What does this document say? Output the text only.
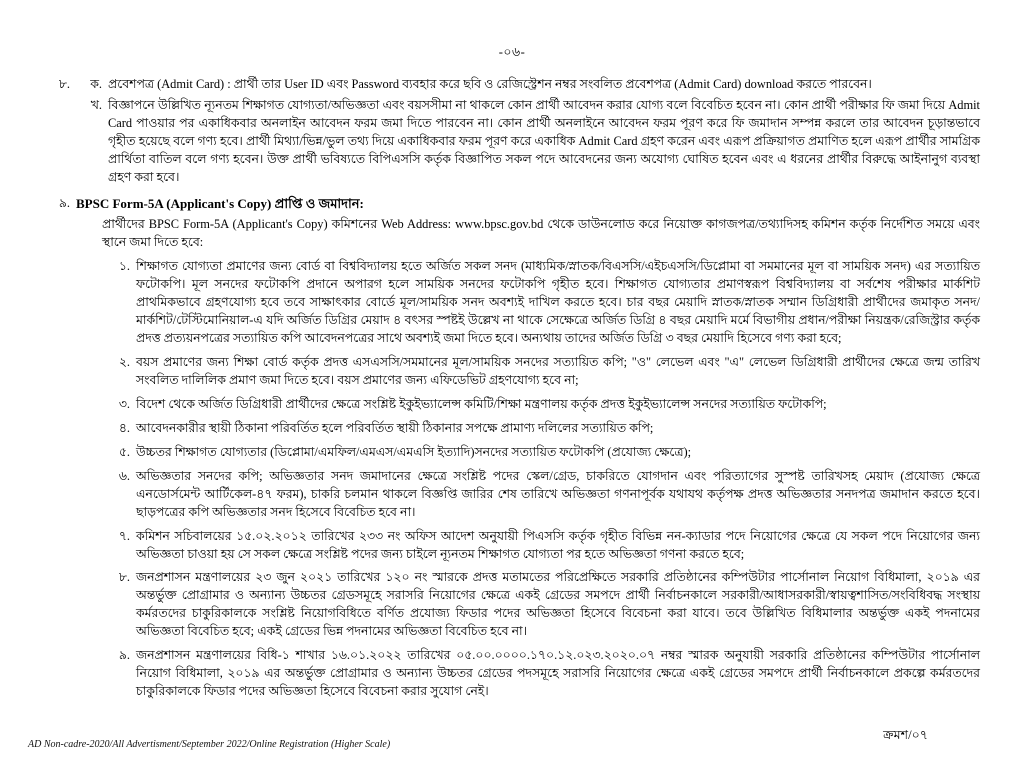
-০৬-
৮.	ক. প্রবেশপত্র (Admit Card) : প্রার্থী তার User ID এবং Password ব্যবহার করে ছবি ও রেজিস্ট্রেশন নম্বর সংবলিত প্রবেশপত্র (Admit Card) download করতে পারবেন।
খ. বিজ্ঞাপনে উল্লিখিত ন্যূনতম শিক্ষাগত যোগ্যতা/অভিজ্ঞতা এবং বয়সসীমা না থাকলে কোন প্রার্থী আবেদন করার যোগ্য বলে বিবেচিত হবেন না। কোন প্রার্থী পরীক্ষার ফি জমা দিয়ে Admit Card পাওয়ার পর একাধিকবার অনলাইন আবেদন ফরম জমা দিতে পারবেন না। কোন প্রার্থী অনলাইনে আবেদন ফরম পূরণ করে ফি জমাদান সম্পন্ন করলে তার আবেদন চূড়ান্তভাবে গৃহীত হয়েছে বলে গণ্য হবে। প্রার্থী মিথ্যা/ভিন্ন/ভুল তথ্য দিয়ে একাধিকবার ফরম পূরণ করে একাধিক Admit Card গ্রহণ করেন এবং এরূপ প্রক্রিয়াগত প্রমাণিত হলে এরূপ প্রার্থীর সামগ্রিক প্রার্থিতা বাতিল বলে গণ্য হবেন। উক্ত প্রার্থী ভবিষ্যতে বিপিএসসি কর্তৃক বিজ্ঞাপিত সকল পদে আবেদনের জন্য অযোগ্য ঘোষিত হবেন এবং এ ধরনের প্রার্থীর বিরুদ্ধে আইনানুগ ব্যবস্থা গ্রহণ করা হবে।
৯. BPSC Form-5A (Applicant's Copy) প্রাপ্তি ও জমাদান:
প্রার্থীদের BPSC Form-5A (Applicant's Copy) কমিশনের Web Address: www.bpsc.gov.bd থেকে ডাউনলোড করে নিয়োক্ত কাগজপত্র/তথ্যাদিসহ কমিশন কর্তৃক নির্দেশিত সময়ে এবং স্থানে জমা দিতে হবে:
১. শিক্ষাগত যোগ্যতা প্রমাণের জন্য বোর্ড বা বিশ্ববিদ্যালয় হতে অর্জিত সকল সনদ (মাধ্যমিক/স্নাতক/বিএসসি/এইচএসসি/ডিপ্লোমা বা সমমানের মূল বা সাময়িক সনদ) এর সত্যায়িত ফটোকপি। মূল সনদের ফটোকপি প্রদানে অপারগ হলে সাময়িক সনদের ফটোকপি গৃহীত হবে। শিক্ষাগত যোগ্যতার প্রমাণস্বরূপ বিশ্ববিদ্যালয় বা সর্বশেষ পরীক্ষার মার্কশিট প্রাথমিকভাবে গ্রহণযোগ্য হবে তবে সাক্ষাৎকার বোর্ডে মূল/সাময়িক সনদ অবশ্যই দাখিল করতে হবে। চার বছর মেয়াদি স্নাতক/স্নাতক সম্মান ডিগ্রিধারী প্রার্থীদের জমাকৃত সনদ/মার্কশিট/টেস্টিমোনিয়াল-এ যদি অর্জিত ডিগ্রির মেয়াদ ৪ বৎসর স্পষ্টই উল্লেখ না থাকে সেক্ষেত্রে অর্জিত ডিগ্রি ৪ বছর মেয়াদি মর্মে বিভাগীয় প্রধান/পরীক্ষা নিয়ন্ত্রক/রেজিস্ট্রার কর্তৃক প্রদত্ত প্রত্যয়নপত্রের সত্যায়িত কপি আবেদনপত্রের সাথে অবশ্যই জমা দিতে হবে। অন্যথায় তাদের অর্জিত ডিগ্রি ৩ বছর মেয়াদি হিসেবে গণ্য করা হবে;
২. বয়স প্রমাণের জন্য শিক্ষা বোর্ড কর্তৃক প্রদত্ত এসএসসি/সমমানের মূল/সাময়িক সনদের সত্যায়িত কপি; "ও" লেভেল এবং "এ" লেভেল ডিগ্রিধারী প্রার্থীদের ক্ষেত্রে জন্ম তারিখ সংবলিত দালিলিক প্রমাণ জমা দিতে হবে। বয়স প্রমাণের জন্য এফিডেভিট গ্রহণযোগ্য হবে না;
৩. বিদেশ থেকে অর্জিত ডিগ্রিধারী প্রার্থীদের ক্ষেত্রে সংশ্লিষ্ট ইকুইভ্যালেন্স কমিটি/শিক্ষা মন্ত্রণালয় কর্তৃক প্রদত্ত ইকুইভ্যালেন্স সনদের সত্যায়িত ফটোকপি;
৪. আবেদনকারীর স্থায়ী ঠিকানা পরিবর্তিত হলে পরিবর্তিত স্থায়ী ঠিকানার সপক্ষে প্রামাণ্য দলিলের সত্যায়িত কপি;
৫. উচ্চতর শিক্ষাগত যোগ্যতার (ডিপ্লোমা/এমফিল/এমএস/এমএসি ইত্যাদি)সনদের সত্যায়িত ফটোকপি (প্রযোজ্য ক্ষেত্রে);
৬. অভিজ্ঞতার সনদের কপি; অভিজ্ঞতার সনদ জমাদানের ক্ষেত্রে সংশ্লিষ্ট পদের স্কেল/গ্রেড, চাকরিতে যোগদান এবং পরিত্যাগের সুস্পষ্ট তারিখসহ মেয়াদ (প্রযোজ্য ক্ষেত্রে এনডোর্সমেন্ট আর্টিকেল-৪৭ ফরম), চাকরি চলমান থাকলে বিজ্ঞপ্তি জারির শেষ তারিখে অভিজ্ঞতা গণনাপূর্বক যথাযথ কর্তৃপক্ষ প্রদত্ত অভিজ্ঞতার সনদপত্র জমাদান করতে হবে। ছাড়পত্রের কপি অভিজ্ঞতার সনদ হিসেবে বিবেচিত হবে না।
৭. কমিশন সচিবালয়ের ১৫.০২.২০১২ তারিখের ২৩৩ নং অফিস আদেশ অনুযায়ী পিএসসি কর্তৃক গৃহীত বিভিন্ন নন-ক্যাডার পদে নিয়োগের ক্ষেত্রে যে সকল পদে নিয়োগের জন্য অভিজ্ঞতা চাওয়া হয় সে সকল ক্ষেত্রে সংশ্লিষ্ট পদের জন্য চাইলে ন্যূনতম শিক্ষাগত যোগ্যতা পর হতে অভিজ্ঞতা গণনা করতে হবে;
৮. জনপ্রশাসন মন্ত্রণালয়ের ২৩ জুন ২০২১ তারিখের ১২০ নং স্মারকে প্রদত্ত মতামতের পরিপ্রেক্ষিতে সরকারি প্রতিষ্ঠানের কম্পিউটার পার্সোনাল নিয়োগ বিধিমালা, ২০১৯ এর অন্তর্ভুক্ত প্রোগ্রামার ও অন্যান্য উচ্চতর গ্রেডসমূহে সরাসরি নিয়োগের ক্ষেত্রে একই গ্রেডের সমপদে প্রার্থী নির্বাচনকালে সরকারী/আধাসরকারী/স্বায়ত্বশাসিত/সংবিধিবদ্ধ সংস্থায় কর্মরতদের চাকুরিকালকে সংশ্লিষ্ট নিয়োগবিধিতে বর্ণিত প্রযোজ্য ফিডার পদের অভিজ্ঞতা হিসেবে বিবেচনা করা যাবে। তবে উল্লিখিত বিধিমালার অন্তর্ভুক্ত একই পদনামের অভিজ্ঞতা বিবেচিত হবে; একই গ্রেডের ভিন্ন পদনামের অভিজ্ঞতা বিবেচিত হবে না।
৯. জনপ্রশাসন মন্ত্রণালয়ের বিধি-১ শাখার ১৬.০১.২০২২ তারিখের ০৫.০০.০০০০.১৭০.১২.০২৩.২০২০.০৭ নম্বর স্মারক অনুযায়ী সরকারি প্রতিষ্ঠানের কম্পিউটার পার্সোনাল নিয়োগ বিধিমালা, ২০১৯ এর অন্তর্ভুক্ত প্রোগ্রামার ও অন্যান্য উচ্চতর গ্রেডের পদসমূহে সরাসরি নিয়োগের ক্ষেত্রে একই গ্রেডের সমপদে প্রার্থী নির্বাচনকালে প্রকল্পে কর্মরতদের চাকুরিকালকে ফিডার পদের অভিজ্ঞতা হিসেবে বিবেচনা করার সুযোগ নেই।
ক্রমশ/০৭
AD Non-cadre-2020/All Advertisment/September 2022/Online Registration (Higher Scale)
